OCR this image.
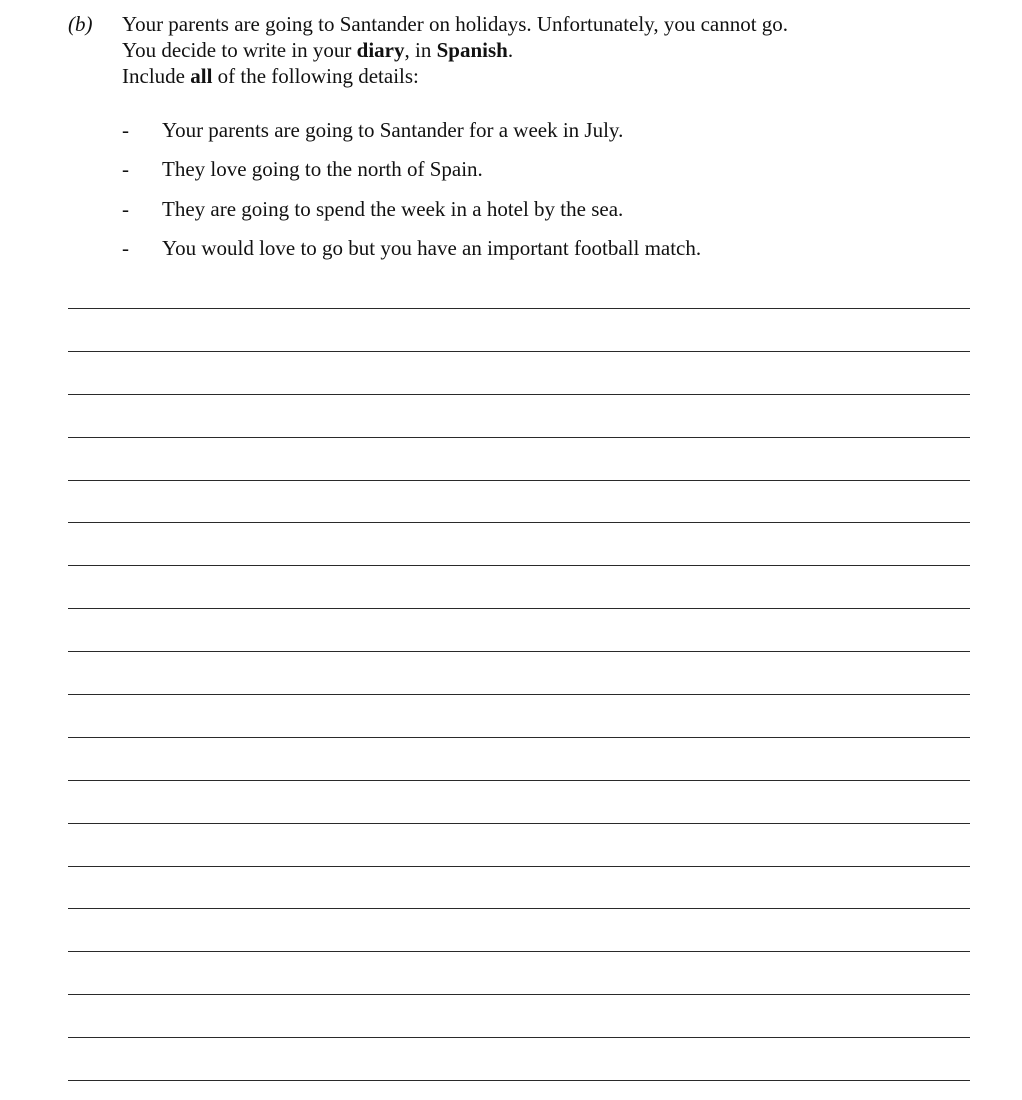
(b) Your parents are going to Santander on holidays. Unfortunately, you cannot go.
You decide to write in your diary, in Spanish.
Include all of the following details:
-	Your parents are going to Santander for a week in July.
-	They love going to the north of Spain.
-	They are going to spend the week in a hotel by the sea.
-	You would love to go but you have an important football match.
